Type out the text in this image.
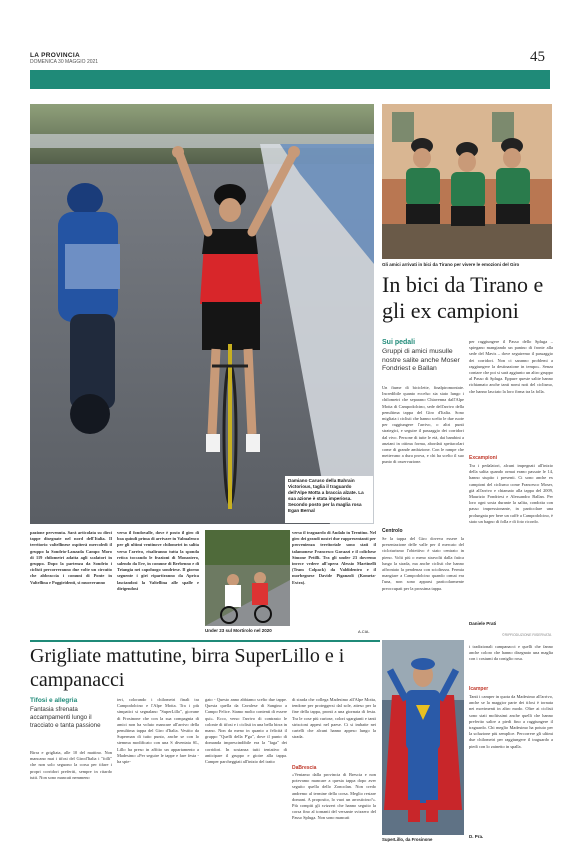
LA PROVINCIA
DOMENICA 30 MAGGIO 2021	45
Damiano Caruso della Bahrain Victorious, taglia il traguardo dell'Alpe Motta a braccia alzate. La sua azione è stata imperiosa. Secondo posto per la maglia rosa Egan Bernal
Gli amici arrivati in bici da Tirano per vivere le emozioni del Giro
In bici da Tirano e gli ex campioni
Sui pedali
Gruppi di amici musulle nostre salite anche Moser Fondriest e Ballan
Un fiume di biciclette, finalpiromontate. Incredibile quanto eccelso sia stato lungo i chilometri che separano Chiavenna dall'Alpe Motta di Campodolcino, sede dell'arrivo della penultima tappa del Giro d'Italia. Sono migliaia i ciclisti che hanno scelto le due ruote per raggiungere l'arrivo, o altri punti strategici, e seguire il passaggio dei corridori dal vivo. Persone di tutte le età, dai bambini a anziani in ottima forma, abordati spettacolari come di grande ambizione. Con le rampe che mettevano a dura prova, e chi ha scelto il suo punto di osservazione.
Centrolo
Se la tappa del Giro doveva essere la presentazione delle valle per il mercato del cicloturismo l'obiettivo è stato centrato in pieno. Volti più o meno stravolti dalla fatica lungo la strada, ma anche ciclisti che hanno affrontato la pendenza con scioltezza. Fermia mangiare a Campodolcino quando ormai era l'una, non sono apparsi particolarmente preoccupati per la prossima tappa.
per raggiungere il Passo dello Spluga – spiegano mangiando un panino di fronte alla sede del Mavis – dove seguiremo il passaggio dei corridori. Non ci saranno problemi a raggiungere la destinazione in tempo». Senza contare che poi si sarà aggiunto un altro gruppo al Passo di Spluga. Eppure queste salite hanno richiamato anche tanti nomi noti del ciclismo, che hanno lasciato la loro firma tra la folla.
Excampioni
Tra i pedalatori, alcuni impegnati all'inizio della salita quando ormai erano passate le 14, hanno stupito i presenti. Ci sono anche ex campioni del ciclismo come Francesco Moser, già all'arrivo e chiamato alla tappa del 2009, Maurizio Fondriest e Alessandro Ballan. Per loro ogni sosta durante la salita, condotta con passo impressionante, in particolare una prolungata per bere un caffè a Campodolcino, è stato un bagno di folla e di foto ricordo.
Daniele Prati
©RIPRODUZIONE RISERVATA
pazione pervenuta. Sarà articolata su dieci tappe disegnate nel nord dell'Italia. Il territorio valtellinese ospiterà mercoledì il gruppo la Sondrio-Lanzada Campo Moro di 119 chilometri adatta agli scalatori in gruppo. Dopo la partenza da Sondrio i ciclisti percorreranno due volte un circuito che abbraccia i comuni di Ponte in Valtellina e Poggiridenti, si muoveranno
verso il fondovalle, dove è posto il giro di boa quindi prima di arrivare in Valmalenco per gli ultimi ventinove chilometri in salita verso l'arrivo, risaliranno tutta la sponda retica toccando le frazioni di Monastero, salendo da Ere, in comune di Berbenno e di Triangia nei capoluogo sondriese. Il giorno seguente i giri ripartiranno da Aprica lasciandosi la Valtellina alle spalle e dirigendosi
Under 23 sul Mortirolo nel 2020
verso il traguardo di Andalo in Trentino. Nel giro dei grandi nostri due rappresentanti per provenienza territoriale sono stati il talamonese Francesco Gavazzi e il colichese Simone Petilli. Tra gli under 23 dovremo invece vedere all'opera Alessio Martinelli (Team Colpack) da Valdidentro e il morbegnese Davide Piganzoli (Kometa-Extra).
A.CIA.
Grigliate mattutine, birra SuperLillo e i campanacci
Tifosi e allegria
Fantasia sfrenata accampamenti lungo il tracciato e tanta passione
Birra e grigliata, alle 10 del mattino. Non mancano mai i tifosi del Girod'Italia i "folli" che non solo seguono la corsa per tifare i propri corridori preferiti, sempre in ritardo tutti. Non sono mancati nemmeno
ieri, colorando i chilometri finali tra Campodolcino e l'Alpe Motta. Tra i più simpatici si segnalano "SuperLillo", giovane di Frosinone che con la sua compagnia di amici non ha voluto mancare all'arrivo della penultima tappa del Giro d'Italia. Vestito da Superman di tutto punto, anche se con lo stemma modificato con una S diventata SL, Lillo ha preso in affitto un appartamento a Madesimo «Per seguire le tappe e fare festa - ha spie-
gato - Questo anno abbiamo scelto due tappe. Questa quella da Cavalese di Sangino a Campo Felice. Siamo molto contenti di essere qui». Ecco, verso l'arrivo di contrasto le colonie di tifosi e i ciclisti in una bella birra in mano. Non da meno in quanto a felicità il gruppo "Quelli della P'ga", dove il punto di domanda imprescindibile era la "faga" dei corridori. In sostanza tutti tentativo di anticipare il gruppo e gioire alla tappa. Camper parcheggiati all'inizio del tratto
di strada che collega Madesimo all'Alpe Motta, tendone per proteggersi dal sole, atteso per la fine della tappa, pronti a una giornata di festa. Tra le cose più curiose, colori sgargianti e tanti striscioni appesi nel paese. Ci si imbatte nei cartelli che alcuni hanno appeso lungo la strada.
DaBrescia
«Veniamo dalla provincia di Brescia e non potevamo mancare a questa tappa dopo aver seguito quella dello Zoncolan. Non credo andremo al termine della corsa. Meglio restare domani. A proposito, lo vuoi un arrosticino?». Più compiti gli svizzeri che hanno seguito la corsa fino al tornanti del versante svizzero del Passo Spluga. Non sono mancati
SuperLillo, da Frosinone
i tradizionali campanacci e quelli che fanno anche coloro che hanno disegnato una maglia con i costumi da coniglio rosa.
Icamper
Tanti i camper in quota da Madesimo all'arrivo, anche se la maggior parte dei tifosi è tornata nei movimenti in altro modo. Oltre ai ciclisti sono stati moltissimi anche quelli che hanno preferito salire a piedi fino a raggiungere il traguardo. Chi meglio Madesimo ha potuto per la soluzione più semplice. Percorrere gli ultimi due chilometri per raggiungere il traguardo a piedi con lo zainetto in spalla.
D. Pra.
